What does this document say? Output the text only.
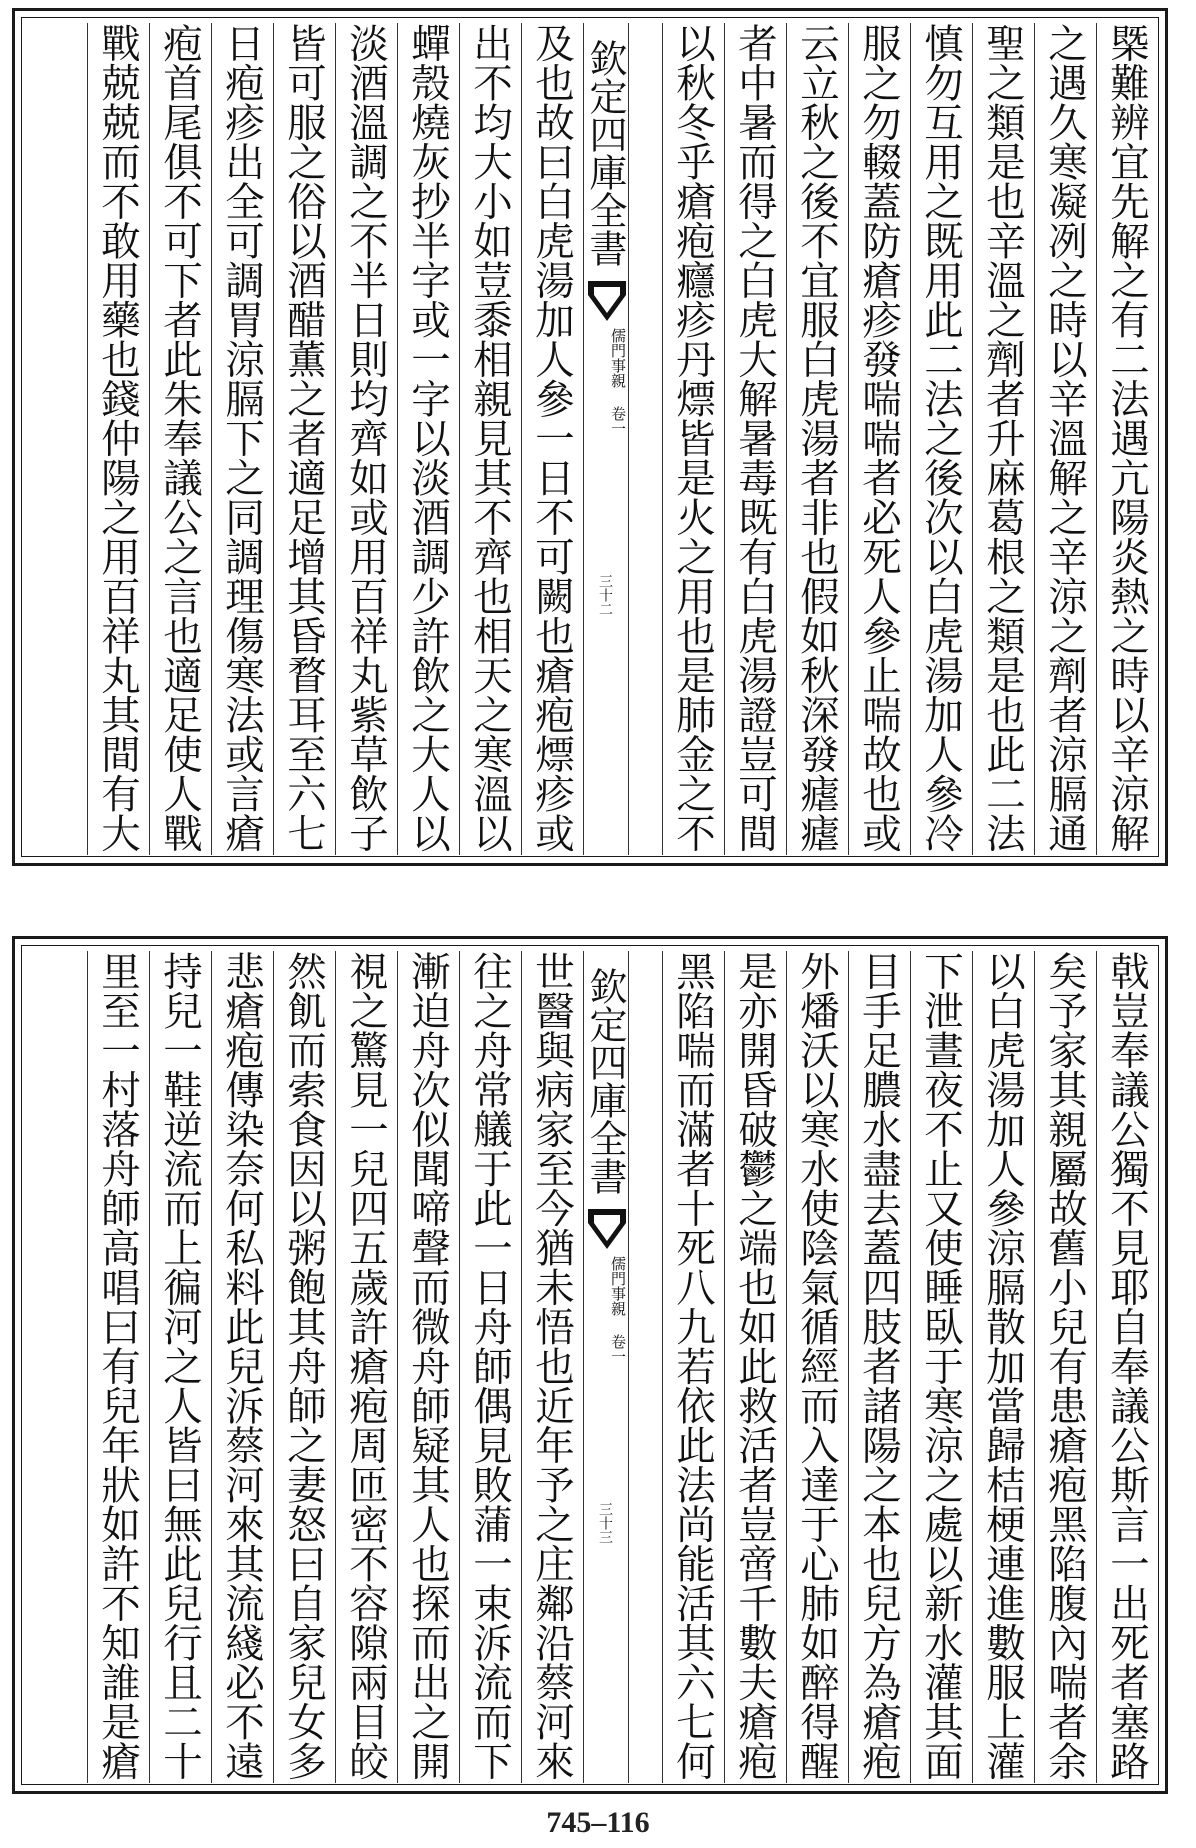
槩難辨宜先解之有二法遇亢陽炎熱之時以辛涼解
之遇久寒凝冽之時以辛溫解之辛涼之劑者涼膈通
聖之類是也辛溫之劑者升麻葛根之類是也此二法
慎勿互用之既用此二法之後次以白虎湯加人參冷
服之勿輟蓋防瘡疹發喘喘者必死人參止喘故也或
云立秋之後不宜服白虎湯者非也假如秋深發瘧瘧
者中暑而得之白虎大解暑毒既有白虎湯證豈可間
以秋冬乎瘡疱癮疹丹熛皆是火之用也是肺金之不
欽定四庫全書
儒門事親 卷一
三十二
及也故曰白虎湯加人參一日不可闕也瘡疱熛疹或
出不均大小如荳黍相親見其不齊也相天之寒溫以
蟬殼燒灰抄半字或一字以淡酒調少許飲之大人以
淡酒溫調之不半日則均齊如或用百祥丸紫草飲子
皆可服之俗以酒醋薫之者適足增其昏瞀耳至六七
日疱疹出全可調胃涼膈下之同調理傷寒法或言瘡
疱首尾俱不可下者此朱奉議公之言也適足使人戰
戰兢兢而不敢用藥也錢仲陽之用百祥丸其間有大
戟豈奉議公獨不見耶自奉議公斯言一出死者塞路
矣予家其親屬故舊小兒有患瘡疱黑陷腹內喘者余
以白虎湯加人參涼膈散加當歸桔梗連進數服上灌
下泄晝夜不止又使睡臥于寒涼之處以新水灌其面
目手足膿水盡去蓋四肢者諸陽之本也兒方為瘡疱
外燔沃以寒水使陰氣循經而入達于心肺如醉得醒
是亦開昏破鬱之端也如此救活者豈啻千數夫瘡疱
黑陷喘而滿者十死八九若依此法尚能活其六七何
欽定四庫全書
儒門事親 卷一
三十三
世醫與病家至今猶未悟也近年予之庄鄰沿蔡河來
往之舟常艤于此一日舟師偶見敗蒲一束泝流而下
漸迫舟次似聞啼聲而微舟師疑其人也探而出之開
視之驚見一兒四五歲許瘡疱周匝密不容隙兩目皎
然飢而索食因以粥飽其舟師之妻怒曰自家兒女多
悲瘡疱傳染奈何私料此兒泝蔡河來其流綫必不遠
持兒一鞋逆流而上徧河之人皆曰無此兒行且二十
里至一村落舟師高唱曰有兒年狀如許不知誰是瘡
745–116
